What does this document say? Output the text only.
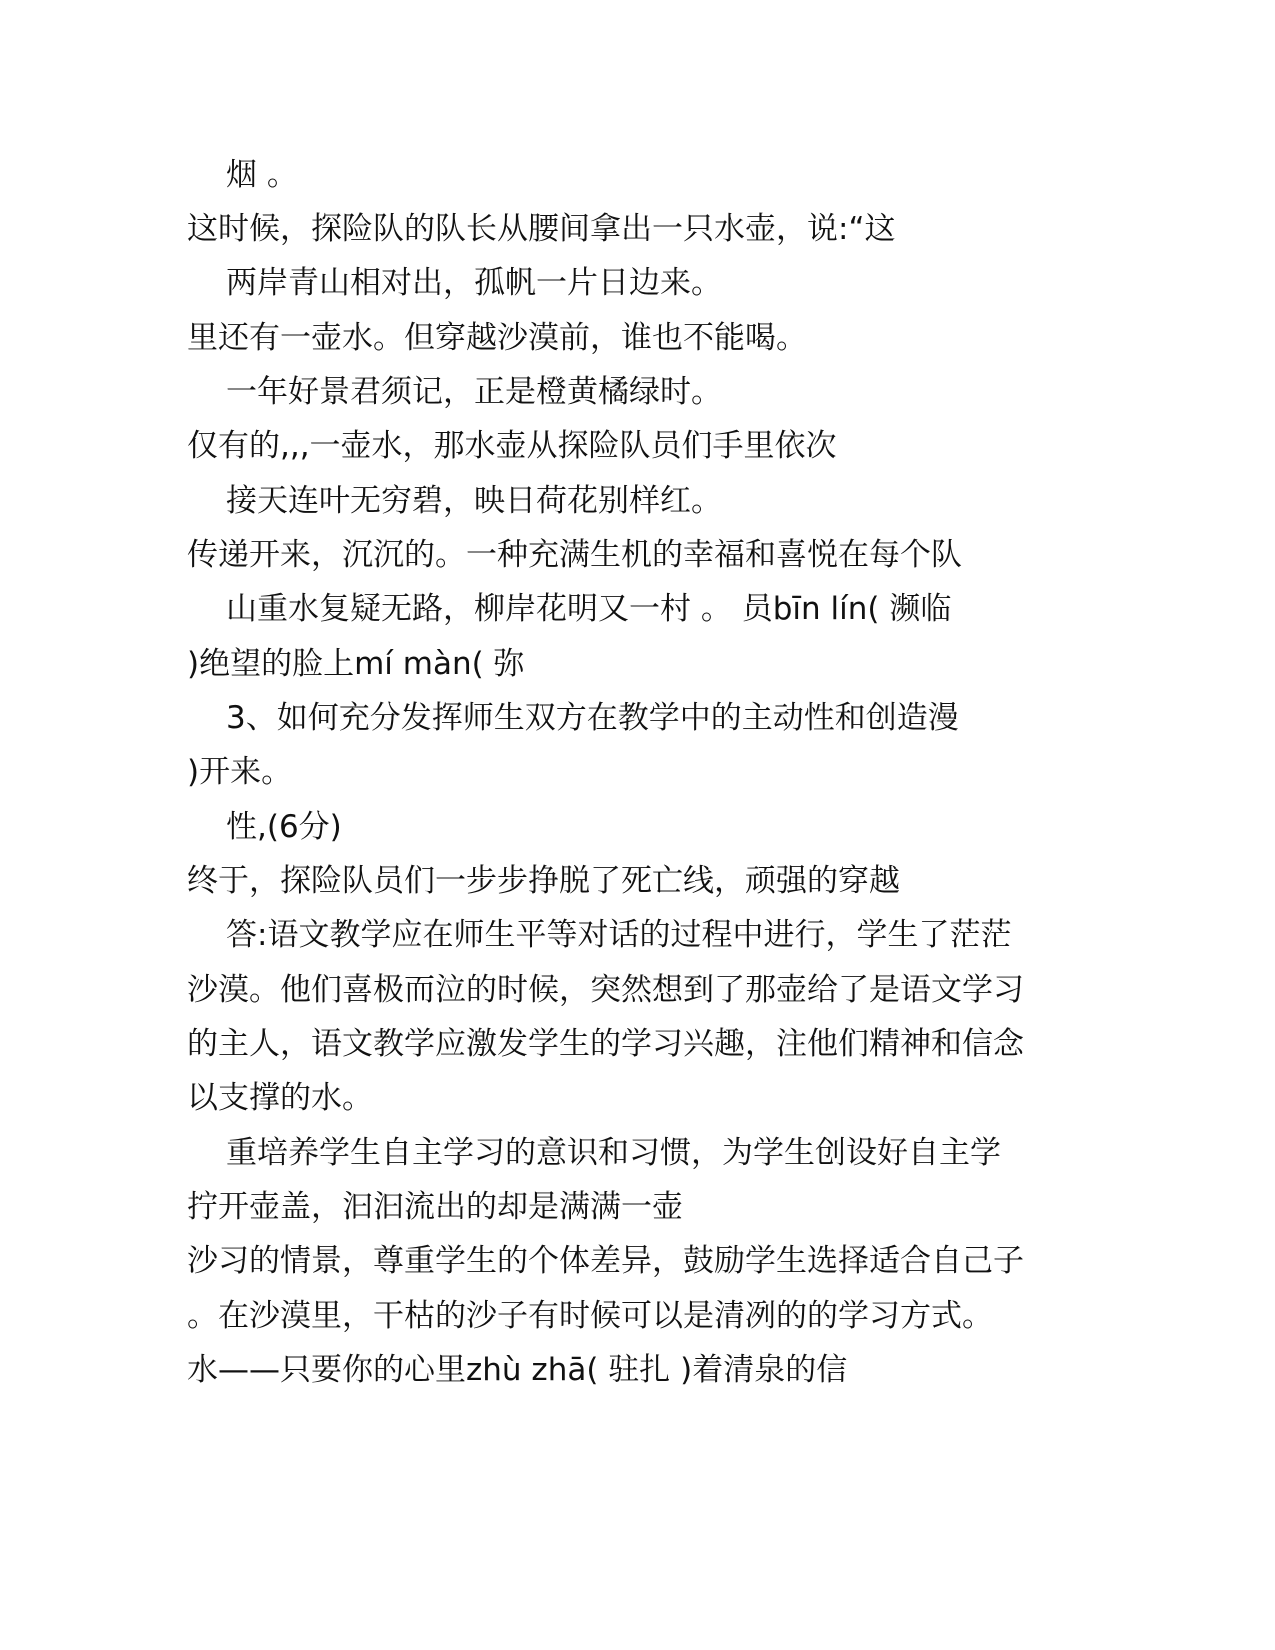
烟 。
这时候，探险队的队长从腰间拿出一只水壶，说:“这
两岸青山相对出，孤帆一片日边来。
里还有一壶水。但穿越沙漠前，谁也不能喝。
一年好景君须记，正是橙黄橘绿时。
仅有的,,,一壶水，那水壶从探险队员们手里依次
接天连叶无穷碧，映日荷花别样红。
传递开来，沉沉的。一种充满生机的幸福和喜悦在每个队
山重水复疑无路，柳岸花明又一村 。 员bīn lín( 濒临
)绝望的脸上mí màn( 弥
3、如何充分发挥师生双方在教学中的主动性和创造漫
)开来。
性,(6分)
终于，探险队员们一步步挣脱了死亡线，顽强的穿越
答:语文教学应在师生平等对话的过程中进行，学生了茫茫
沙漠。他们喜极而泣的时候，突然想到了那壶给了是语文学习
的主人，语文教学应激发学生的学习兴趣，注他们精神和信念
以支撑的水。
重培养学生自主学习的意识和习惯，为学生创设好自主学
拧开壶盖，汩汩流出的却是满满一壶
沙习的情景，尊重学生的个体差异，鼓励学生选择适合自己子
。在沙漠里，干枯的沙子有时候可以是清冽的的学习方式。
水——只要你的心里zhù zhā( 驻扎 )着清泉的信
